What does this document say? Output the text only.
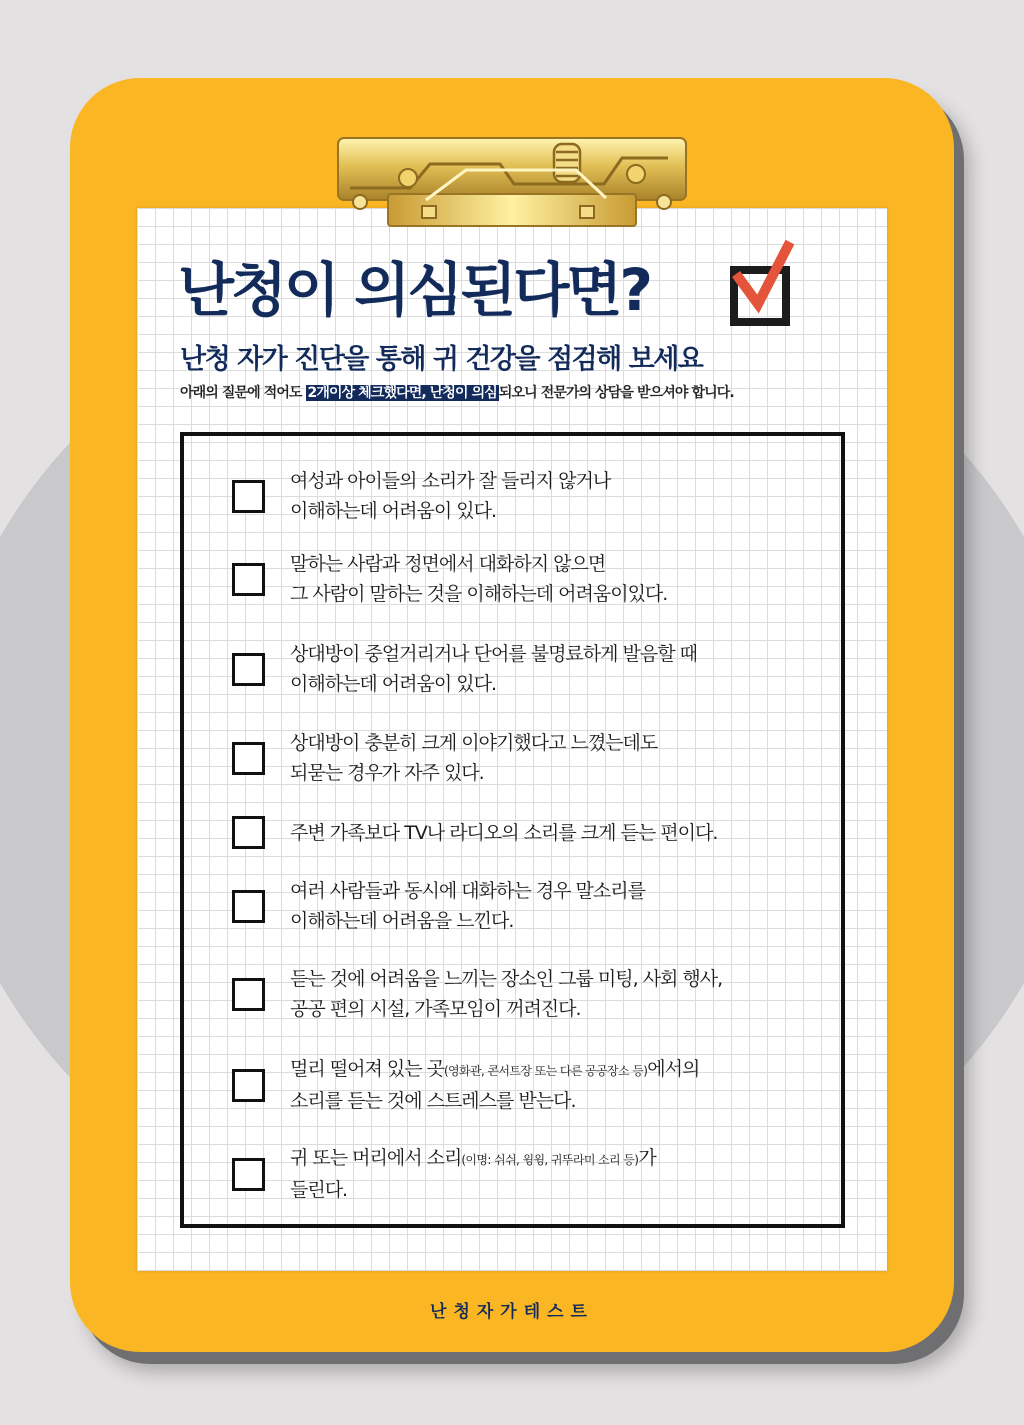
난청이 의심된다면?
난청 자가 진단을 통해 귀 건강을 점검해 보세요
아래의 질문에 적어도 2개이상 체크했다면, 난청이 의심 되오니 전문가의 상담을 받으셔야 합니다.
여성과 아이들의 소리가 잘 들리지 않거나
이해하는데 어려움이 있다.
말하는 사람과 정면에서 대화하지 않으면
그 사람이 말하는 것을 이해하는데 어려움이있다.
상대방이 중얼거리거나 단어를 불명료하게 발음할 때
이해하는데 어려움이 있다.
상대방이 충분히 크게 이야기했다고 느꼈는데도
되묻는 경우가 자주 있다.
주변 가족보다 TV나 라디오의 소리를 크게 듣는 편이다.
여러 사람들과 동시에 대화하는 경우 말소리를
이해하는데 어려움을 느낀다.
듣는 것에 어려움을 느끼는 장소인 그룹 미팅, 사회 행사,
공공 편의 시설, 가족모임이 꺼려진다.
멀리 떨어져 있는 곳(영화관, 콘서트장 또는 다른 공공장소 등)에서의
소리를 듣는 것에 스트레스를 받는다.
귀 또는 머리에서 소리(이명: 쉬쉬, 윙윙, 귀뚜라미 소리 등)가
들린다.
난청자가테스트
